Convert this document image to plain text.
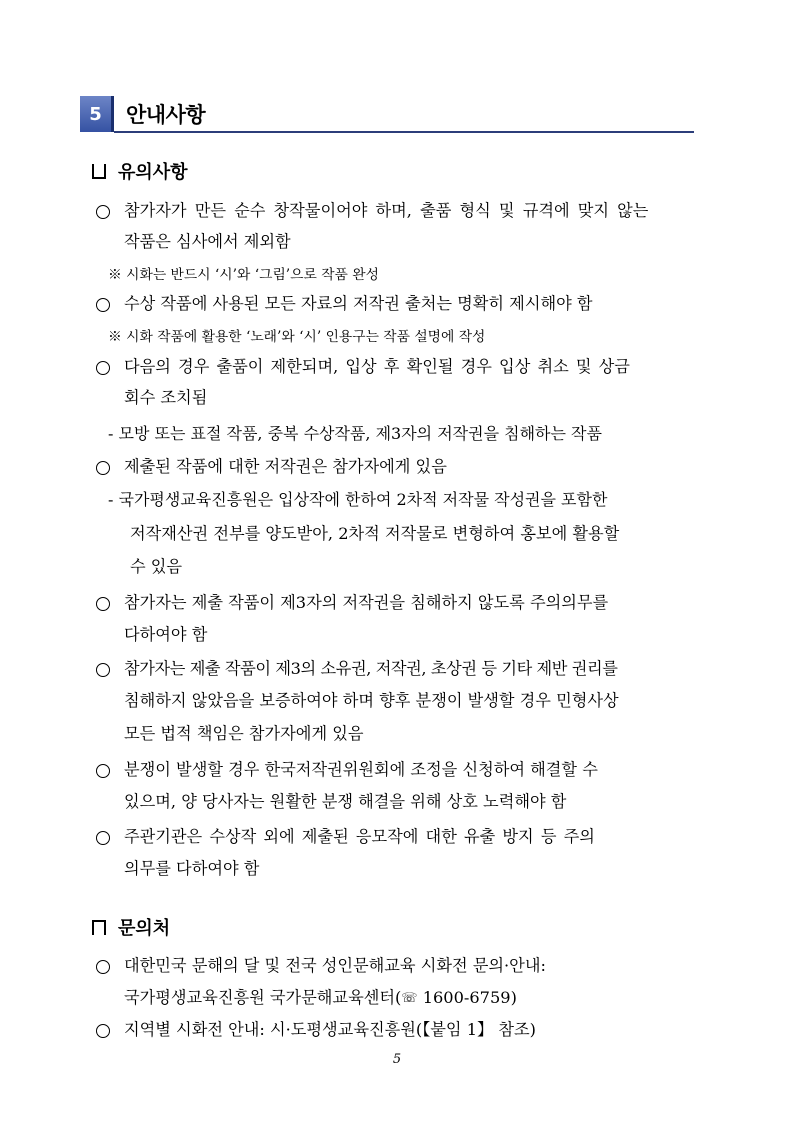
5	안내사항
유의사항
참가자가 만든 순수 창작물이어야 하며, 출품 형식 및 규격에 맞지 않는
작품은 심사에서 제외함
※ 시화는 반드시 ‘시’와 ‘그림’으로 작품 완성
수상 작품에 사용된 모든 자료의 저작권 출처는 명확히 제시해야 함
※ 시화 작품에 활용한 ‘노래’와 ‘시’ 인용구는 작품 설명에 작성
다음의 경우 출품이 제한되며, 입상 후 확인될 경우 입상 취소 및 상금
회수 조치됨
- 모방 또는 표절 작품, 중복 수상작품, 제3자의 저작권을 침해하는 작품
제출된 작품에 대한 저작권은 참가자에게 있음
- 국가평생교육진흥원은 입상작에 한하여 2차적 저작물 작성권을 포함한
저작재산권 전부를 양도받아, 2차적 저작물로 변형하여 홍보에 활용할
수 있음
참가자는 제출 작품이 제3자의 저작권을 침해하지 않도록 주의의무를
다하여야 함
참가자는 제출 작품이 제3의 소유권, 저작권, 초상권 등 기타 제반 권리를
침해하지 않았음을 보증하여야 하며 향후 분쟁이 발생할 경우 민형사상
모든 법적 책임은 참가자에게 있음
분쟁이 발생할 경우 한국저작권위원회에 조정을 신청하여 해결할 수
있으며, 양 당사자는 원활한 분쟁 해결을 위해 상호 노력해야 함
주관기관은 수상작 외에 제출된 응모작에 대한 유출 방지 등 주의
의무를 다하여야 함
문의처
대한민국 문해의 달 및 전국 성인문해교육 시화전 문의·안내:
국가평생교육진흥원 국가문해교육센터(☏ 1600-6759)
지역별 시화전 안내: 시·도평생교육진흥원(【붙임 1】 참조)
5
